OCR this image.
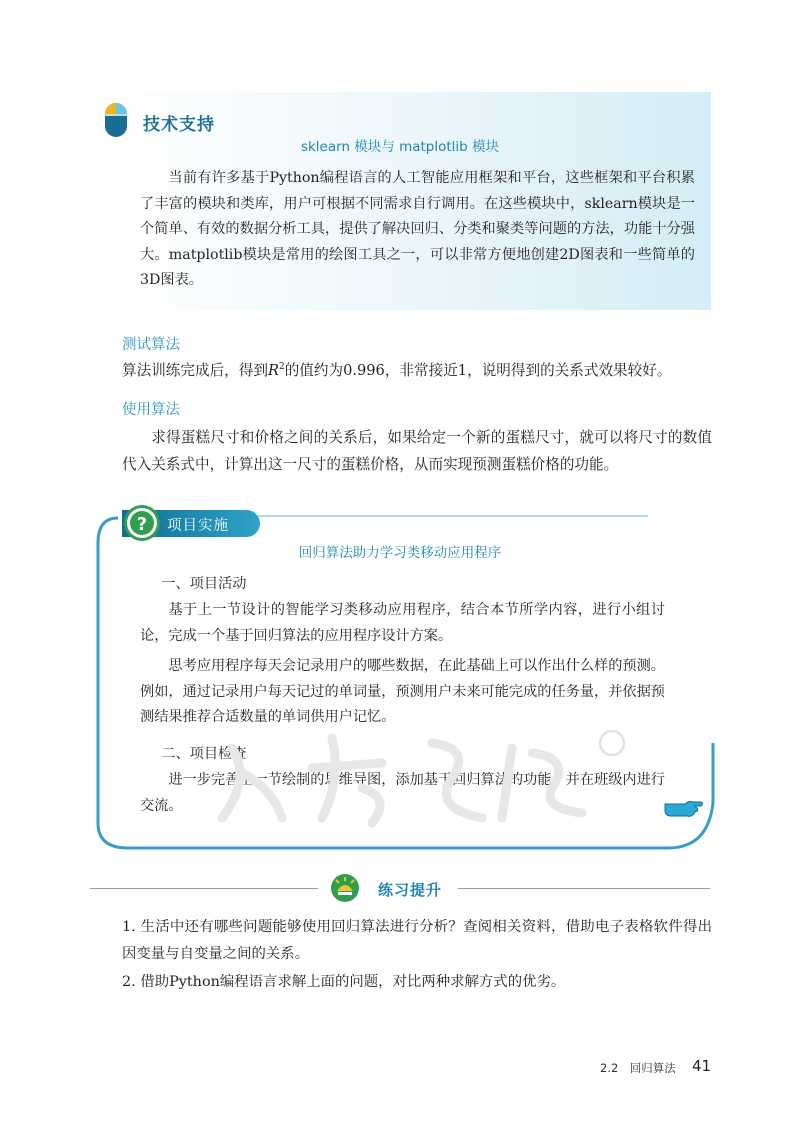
技术支持
sklearn 模块与 matplotlib 模块
当前有许多基于Python编程语言的人工智能应用框架和平台，这些框架和平台积累了丰富的模块和类库，用户可根据不同需求自行调用。在这些模块中，sklearn模块是一个简单、有效的数据分析工具，提供了解决回归、分类和聚类等问题的方法，功能十分强大。matplotlib模块是常用的绘图工具之一，可以非常方便地创建2D图表和一些简单的3D图表。
测试算法
算法训练完成后，得到$R^2$的值约为0.996，非常接近1，说明得到的关系式效果较好。
使用算法
求得蛋糕尺寸和价格之间的关系后，如果给定一个新的蛋糕尺寸，就可以将尺寸的数值代入关系式中，计算出这一尺寸的蛋糕价格，从而实现预测蛋糕价格的功能。
? 项目实施
回归算法助力学习类移动应用程序
一、项目活动
基于上一节设计的智能学习类移动应用程序，结合本节所学内容，进行小组讨论，完成一个基于回归算法的应用程序设计方案。
思考应用程序每天会记录用户的哪些数据，在此基础上可以作出什么样的预测。例如，通过记录用户每天记过的单词量，预测用户未来可能完成的任务量，并依据预测结果推荐合适数量的单词供用户记忆。
二、项目检查
进一步完善上一节绘制的思维导图，添加基于回归算法的功能，并在班级内进行交流。
练习提升
1. 生活中还有哪些问题能够使用回归算法进行分析？查阅相关资料，借助电子表格软件得出因变量与自变量之间的关系。
2. 借助Python编程语言求解上面的问题，对比两种求解方式的优劣。
2.2　回归算法 41
